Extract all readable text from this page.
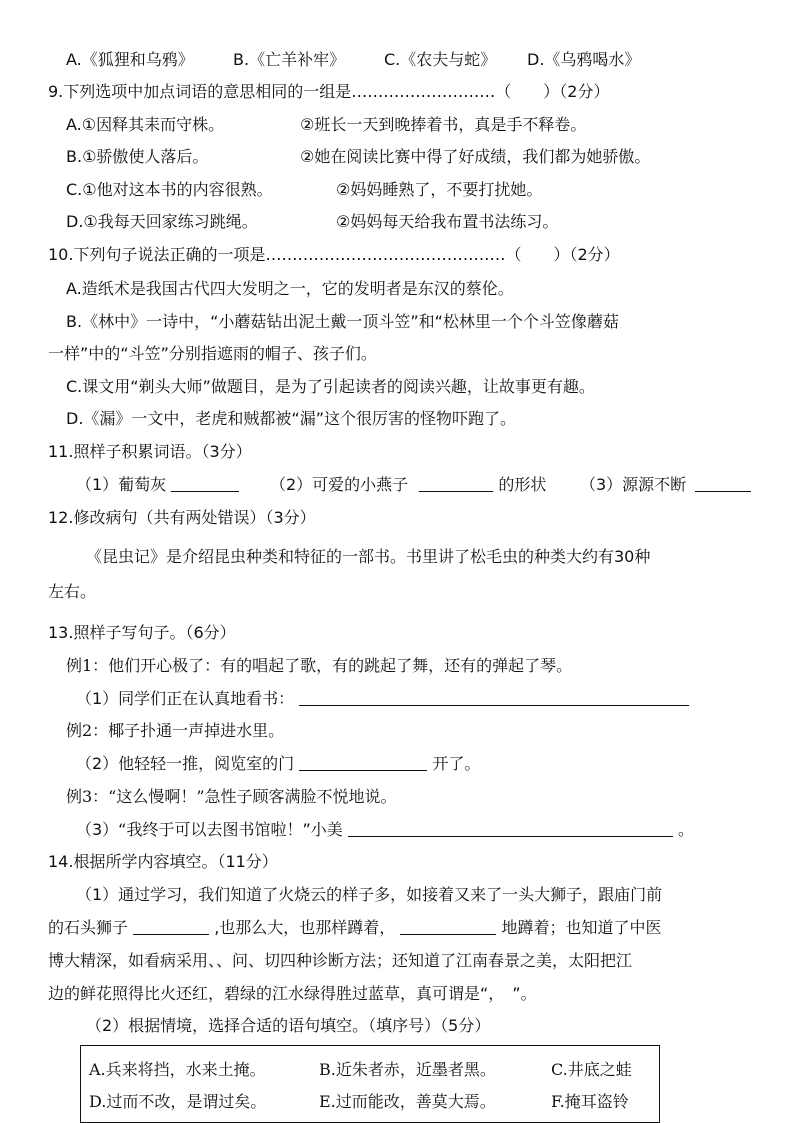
A.《狐狸和乌鸦》 B.《亡羊补牢》 C.《农夫与蛇》 D.《乌鸦喝水》
9.下列选项中加点词语的意思相同的一组是………………………（　　）（2分）
A.①因释其耒而守株。	②班长一天到晚捧着书，真是手不释卷。
B.①骄傲使人落后。	②她在阅读比赛中得了好成绩，我们都为她骄傲。
C.①他对这本书的内容很熟。	②妈妈睡熟了，不要打扰她。
D.①我每天回家练习跳绳。	②妈妈每天给我布置书法练习。
10.下列句子说法正确的一项是………………………………………（　　）（2分）
A.造纸术是我国古代四大发明之一，它的发明者是东汉的蔡伦。
B.《林中》一诗中，“小蘑菇钻出泥土戴一顶斗笠”和“松林里一个个斗笠像蘑菇
一样”中的“斗笠”分别指遮雨的帽子、孩子们。
C.课文用“剃头大师”做题目，是为了引起读者的阅读兴趣，让故事更有趣。
D.《漏》一文中，老虎和贼都被“漏”这个很厉害的怪物吓跑了。
11.照样子积累词语。（3分）
（1）葡萄灰	（2）可爱的小燕子	的形状 （3）源源不断
12.修改病句（共有两处错误）（3分）
《昆虫记》是介绍昆虫种类和特征的一部书。书里讲了松毛虫的种类大约有30种
左右。
13.照样子写句子。（6分）
例1：他们开心极了：有的唱起了歌，有的跳起了舞，还有的弹起了琴。
（1）同学们正在认真地看书：
例2：椰子扑通一声掉进水里。
（2）他轻轻一推，阅览室的门	开了。
例3：“这么慢啊！”急性子顾客满脸不悦地说。
（3）“我终于可以去图书馆啦！”小美	。
14.根据所学内容填空。（11分）
（1）通过学习，我们知道了火烧云的样子多，如接着又来了一头大狮子，跟庙门前
的石头狮子	,也那么大，也那样蹲着，	地蹲着；也知道了中医
博大精深，如看病采用、、问、切四种诊断方法；还知道了江南春景之美，太阳把江
边的鲜花照得比火还红，碧绿的江水绿得胜过蓝草，真可谓是“，　”。
（2）根据情境，选择合适的语句填空。（填序号）（5分）
A.兵来将挡，水来土掩。	B.近朱者赤，近墨者黑。	C.井底之蛙
D.过而不改，是谓过矣。	E.过而能改，善莫大焉。	F.掩耳盗铃
